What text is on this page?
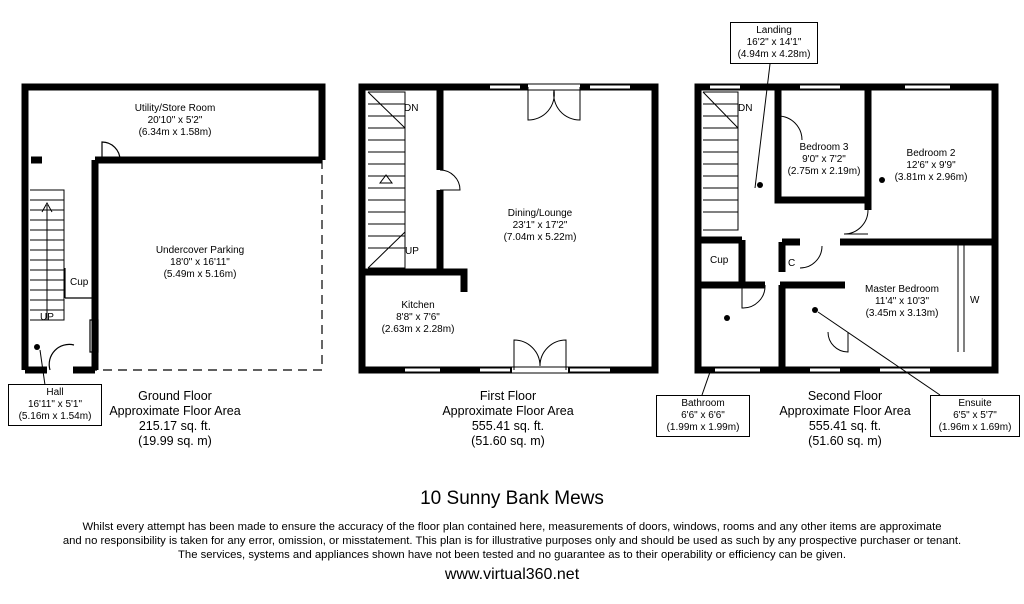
Utility/Store Room
20'10" x 5'2"
(6.34m x 1.58m)
Undercover Parking
18'0" x 16'11"
(5.49m x 5.16m)
Cup
UP
Hall
16'11" x 5'1"
(5.16m x 1.54m)
Ground Floor
Approximate Floor Area
215.17 sq. ft.
(19.99 sq. m)
DN
UP
Dining/Lounge
23'1" x 17'2"
(7.04m x 5.22m)
Kitchen
8'8" x 7'6"
(2.63m x 2.28m)
First Floor
Approximate Floor Area
555.41 sq. ft.
(51.60 sq. m)
Landing
16'2" x 14'1"
(4.94m x 4.28m)
DN
Bedroom 3
9'0" x 7'2"
(2.75m x 2.19m)
Bedroom 2
12'6" x 9'9"
(3.81m x 2.96m)
Cup	C
Master Bedroom
11'4" x 10'3"
(3.45m x 3.13m)
W
Bathroom
6'6" x 6'6"
(1.99m x 1.99m)
Second Floor
Approximate Floor Area
555.41 sq. ft.
(51.60 sq. m)
Ensuite
6'5" x 5'7"
(1.96m x 1.69m)
10 Sunny Bank Mews
Whilst every attempt has been made to ensure the accuracy of the floor plan contained here, measurements of doors, windows, rooms and any other items are approximate
and no responsibility is taken for any error, omission, or misstatement. This plan is for illustrative purposes only and should be used as such by any prospective purchaser or tenant.
The services, systems and appliances shown have not been tested and no guarantee as to their operability or efficiency can be given.
www.virtual360.net
